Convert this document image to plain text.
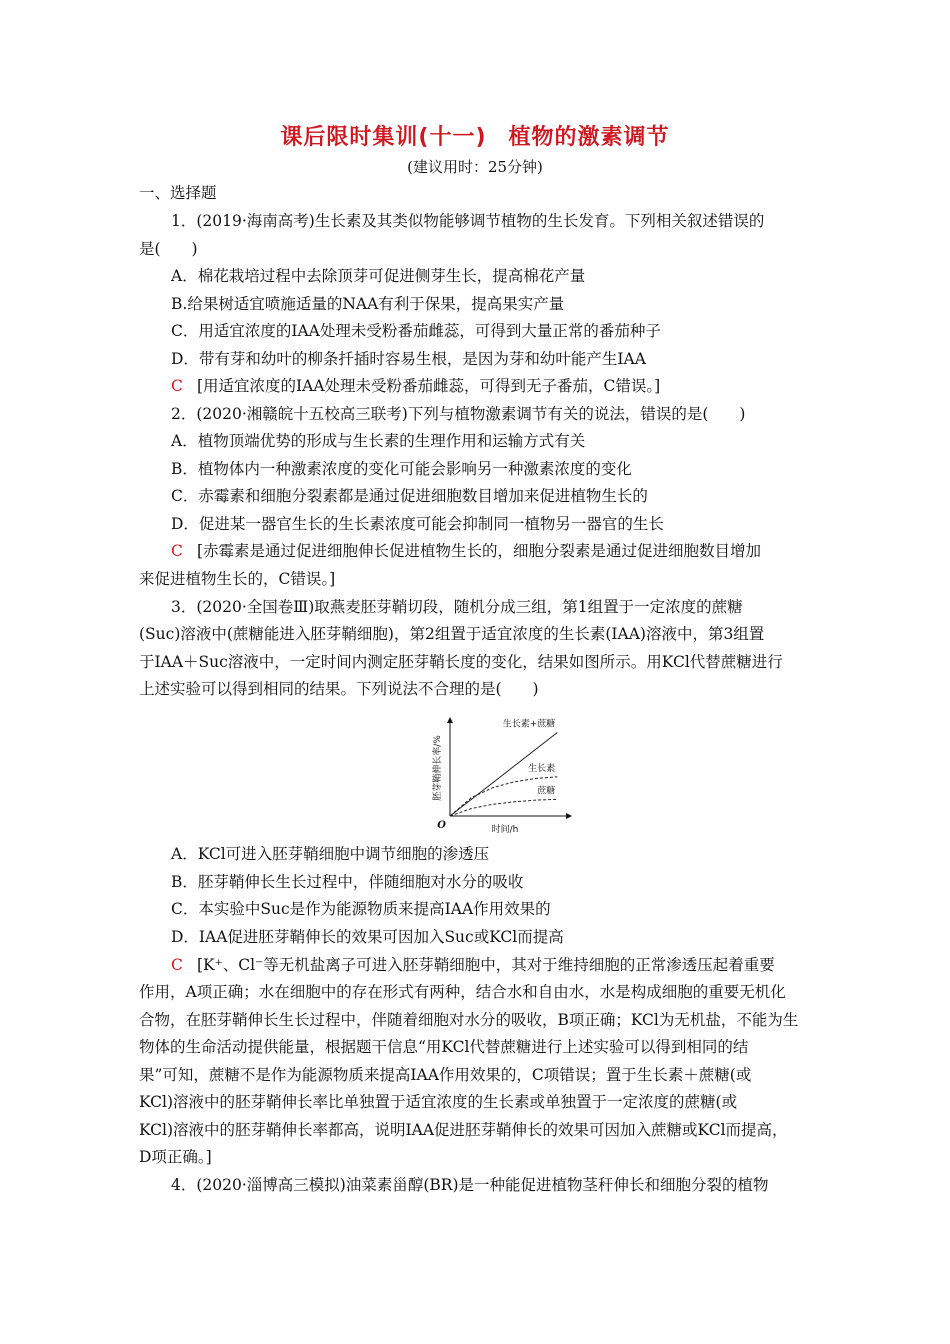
课后限时集训(十一) 植物的激素调节
(建议用时：25分钟)
一、选择题
1．(2019·海南高考)生长素及其类似物能够调节植物的生长发育。下列相关叙述错误的
是(　　)
A．棉花栽培过程中去除顶芽可促进侧芽生长，提高棉花产量
B.给果树适宜喷施适量的NAA有利于保果，提高果实产量
C．用适宜浓度的IAA处理未受粉番茄雌蕊，可得到大量正常的番茄种子
D．带有芽和幼叶的柳条扦插时容易生根，是因为芽和幼叶能产生IAA
C [用适宜浓度的IAA处理未受粉番茄雌蕊，可得到无子番茄，C错误。]
2．(2020·湘赣皖十五校高三联考)下列与植物激素调节有关的说法，错误的是(　　)
A．植物顶端优势的形成与生长素的生理作用和运输方式有关
B．植物体内一种激素浓度的变化可能会影响另一种激素浓度的变化
C．赤霉素和细胞分裂素都是通过促进细胞数目增加来促进植物生长的
D．促进某一器官生长的生长素浓度可能会抑制同一植物另一器官的生长
C [赤霉素是通过促进细胞伸长促进植物生长的，细胞分裂素是通过促进细胞数目增加
来促进植物生长的，C错误。]
3．(2020·全国卷Ⅲ)取燕麦胚芽鞘切段，随机分成三组，第1组置于一定浓度的蔗糖
(Suc)溶液中(蔗糖能进入胚芽鞘细胞)，第2组置于适宜浓度的生长素(IAA)溶液中，第3组置
于IAA＋Suc溶液中，一定时间内测定胚芽鞘长度的变化，结果如图所示。用KCl代替蔗糖进行
上述实验可以得到相同的结果。下列说法不合理的是(　　)
胚芽鞘伸长率/%
时间/h
O
生长素+蔗糖
生长素
蔗糖
A．KCl可进入胚芽鞘细胞中调节细胞的渗透压
B．胚芽鞘伸长生长过程中，伴随细胞对水分的吸收
C．本实验中Suc是作为能源物质来提高IAA作用效果的
D．IAA促进胚芽鞘伸长的效果可因加入Suc或KCl而提高
C [K⁺、Cl⁻等无机盐离子可进入胚芽鞘细胞中，其对于维持细胞的正常渗透压起着重要
作用，A项正确；水在细胞中的存在形式有两种，结合水和自由水，水是构成细胞的重要无机化
合物，在胚芽鞘伸长生长过程中，伴随着细胞对水分的吸收，B项正确；KCl为无机盐，不能为生
物体的生命活动提供能量，根据题干信息“用KCl代替蔗糖进行上述实验可以得到相同的结
果”可知，蔗糖不是作为能源物质来提高IAA作用效果的，C项错误；置于生长素＋蔗糖(或
KCl)溶液中的胚芽鞘伸长率比单独置于适宜浓度的生长素或单独置于一定浓度的蔗糖(或
KCl)溶液中的胚芽鞘伸长率都高，说明IAA促进胚芽鞘伸长的效果可因加入蔗糖或KCl而提高，
D项正确。]
4．(2020·淄博高三模拟)油菜素甾醇(BR)是一种能促进植物茎秆伸长和细胞分裂的植物
